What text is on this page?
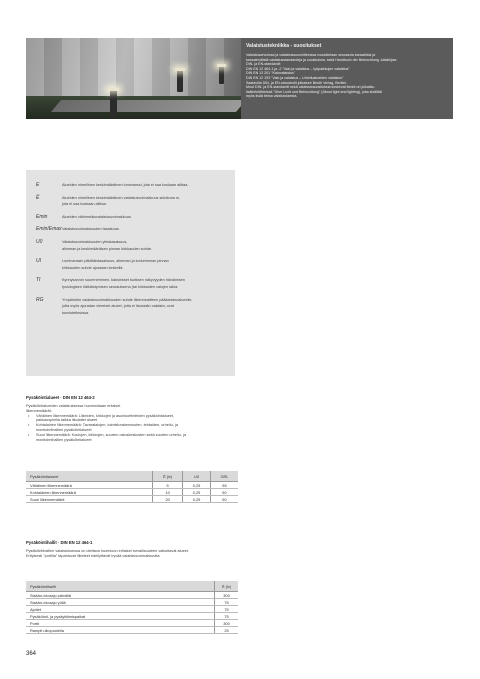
Valaistustekniikka - suositukset
Valaistusarvioissa ja valaistussuunnittelussa noudatetaan seuraavia kansallisia ja
kansainvälisiä valaistusstandardeja ja suosituksia, sekä Handbuch der Beleuchtung -käsikirjaa:
DIN- ja EN-standardit:
DIN EN 12 464-1 ja -2 "Valo ja valaistus – työpaikkojen valaistus"
DIN EN 13 201 "Katuvalaistus"
DIN EN 12 193 "Valo ja valaistus – Urheilualueiden valaistus"
Saatavilla DIN- ja EN-standardit julkaisee Beuth Verlag, Berliini.
Muut DIN- ja EN-standardit sekä valaistussuosituksia koskevat tiedot on julkaistu
lisätietolähteissä "Über Licht und Beleuchtung" (About light and lighting), joka sisältää
myös lisää tietoa valaistuksesta.
E	Alueiden nimellinen keskimääräinen luminanssi, jota ei saa koskaan alittaa.
E̅	Alueiden nimellinen keskimääräinen valaistusvoimakkuus sidottuna m,
jota ei saa koskaan alittaa.
Emin	Alueiden vähimmäisvalaistusvoimakkuus.
Emin/Emax Valaistusvoimakkuuden tasaisuus.
U0	Valaistusvoimakkuuden yleistasaisuus,
alimman ja keskimääräisen pinnan kirkkauden suhde.
UI	Luminanssin pitkittäistasaisuus, alimman ja korkeimman pinnan
kirkkauden suhde ajoradan keskellä.
TI	Kynnysarvon suureneminen, kaksinkset tuottaen näkyvyyden häviämisen
fysiologisen häikäistymisen seurauksena (tai kirkkaiden valojen takia.
RG	Ympäristön valaistusvoimakkuuden suhde liikennealtteen pääkartanoalueelle,
jotta myös ajoradan viereiset alueet, joita ei liaussiän valaista, ovat
tunnistettavissa.
Pysäköintialueet · DIN EN 12 464-2
Pysäköintialueiden valaistuksessa huomioidaan erilaiset
liikennemäärät:
• Vähäinen liikennemäärä: Liikeiden, kirkkojen ja asuinkortteleiden pysäköintialueet, pakkauspiirilla taikka itkulaitet alueet
• Kohtalainen liikennemäärä: Tavaratalojen, toimistorakennusten, tehtaiden, urheilu- ja monitoimihallien pysäköintialueet
• Suuri liikennemäärä: Koulujen, kirkkojen, suurten ostoskeskusten sekä suurten urheilu- ja monitoimihallien pysäköintialueet
Pysäköintialueet	Ē (lx)	U0	GRL
Vähäinen liikennemäärä	5	0,25	55
Kohtalainen liikennemäärä	10	0,25	50
Suuri liikennemäärä	20	0,25	50
Pysäköintihallit · DIN EN 12 464-1
Pysäköintihallien valaistuksessa on otettava huomioon erilaiset turvallisuuteen vaikuttavat alueet.
Erityisesti "portilla" tapahtuvat liiketeet edellyttävät hyvää valaistusvoimakkuutta.
Pysäköintihallit	Ē (lx)
Sisään-/ulosajo päivällä	300
Sisään-/ulosajo yöllä	75
Ajotiet	75
Pysäköinti- ja pysäyttämispaikat	75
Portit	300
Rampit ulkopuolella	25
364
